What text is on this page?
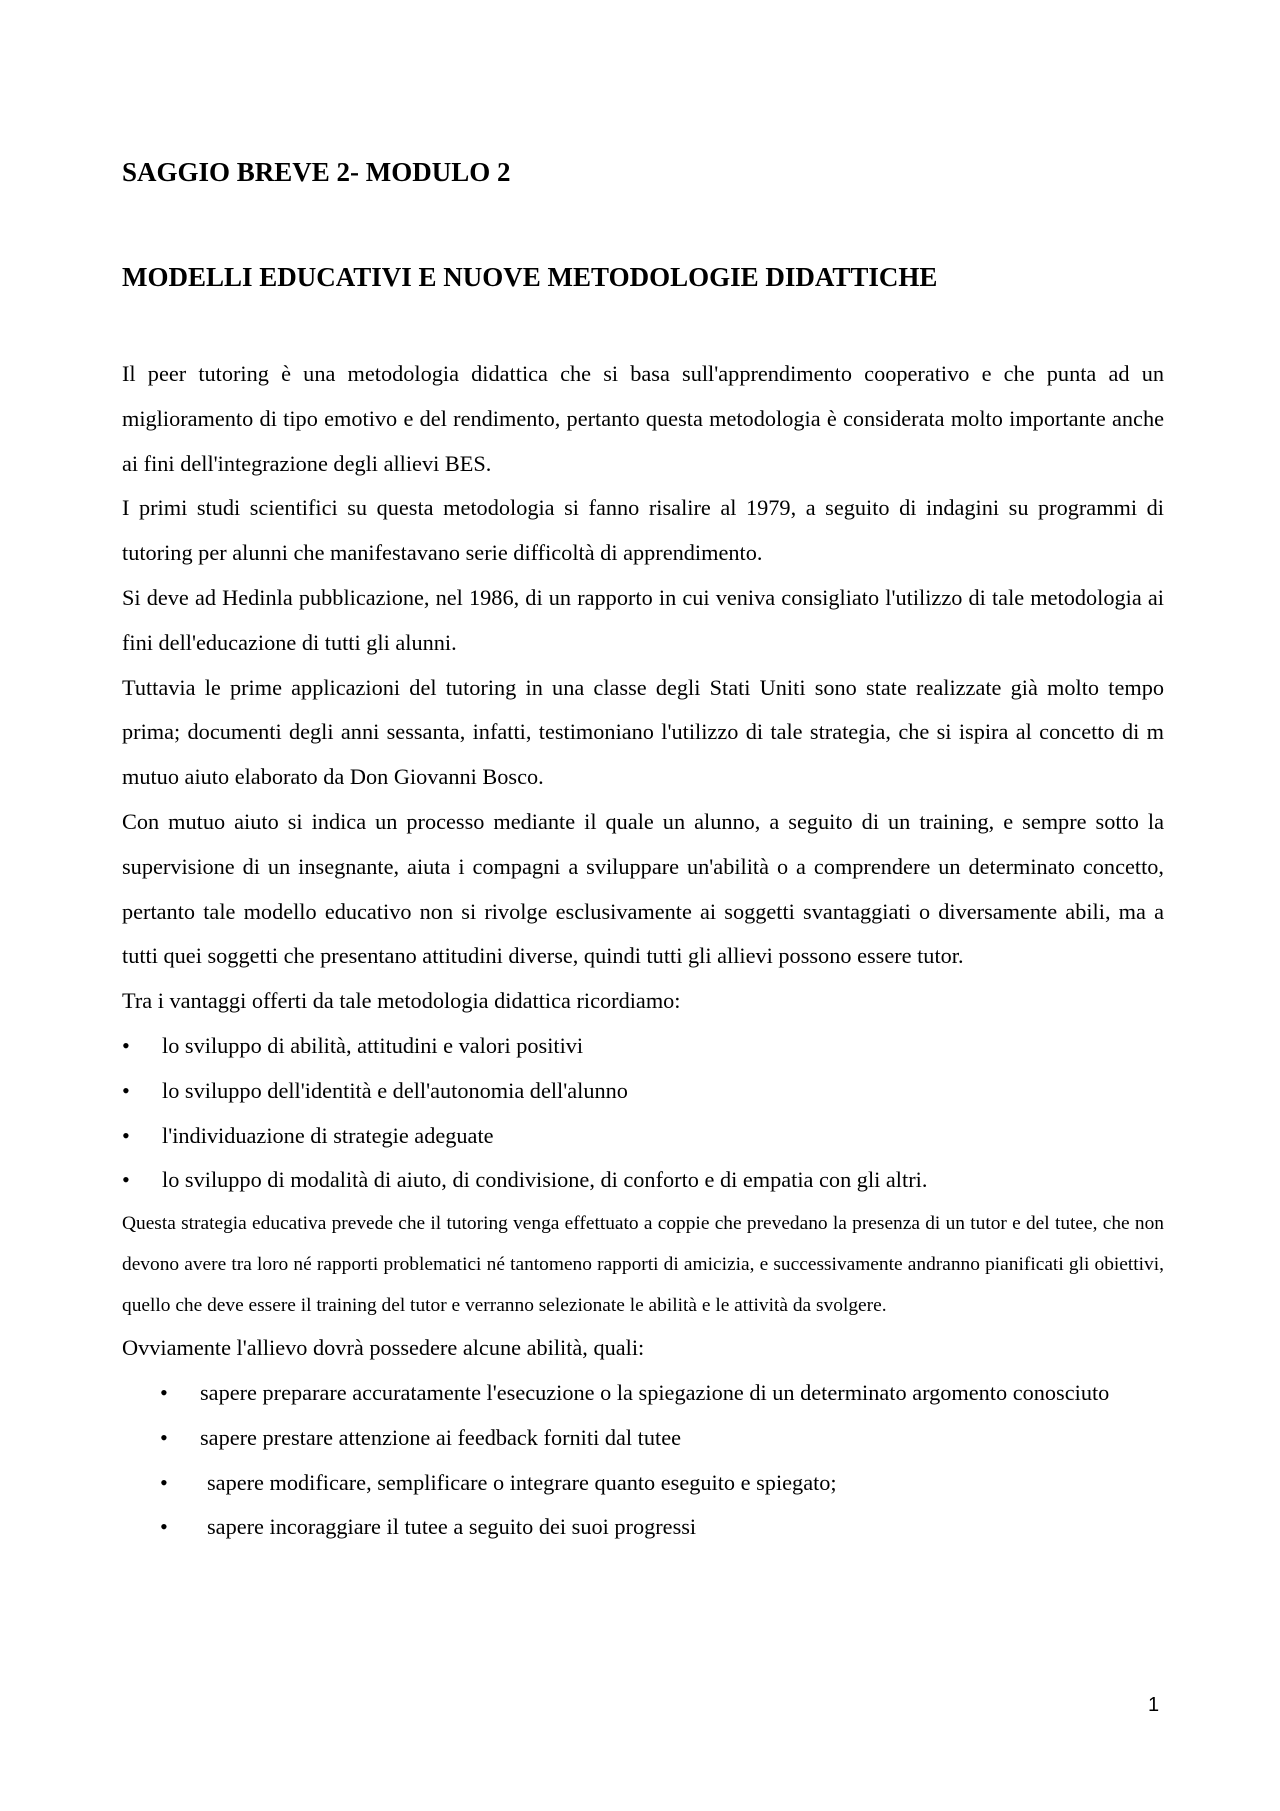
SAGGIO BREVE 2- MODULO 2
MODELLI EDUCATIVI E NUOVE METODOLOGIE DIDATTICHE

Il peer tutoring è una metodologia didattica che si basa sull'apprendimento cooperativo e che punta ad un miglioramento di tipo emotivo e del rendimento, pertanto questa metodologia è considerata molto importante anche ai fini dell'integrazione degli allievi BES.

I primi studi scientifici su questa metodologia si fanno risalire al 1979, a seguito di indagini su programmi di tutoring per alunni che manifestavano serie difficoltà di apprendimento.

Si deve ad Hedinla pubblicazione, nel 1986, di un rapporto in cui veniva consigliato l'utilizzo di tale metodologia ai fini dell'educazione di tutti gli alunni.

Tuttavia le prime applicazioni del tutoring in una classe degli Stati Uniti sono state realizzate già molto tempo prima; documenti degli anni sessanta, infatti, testimoniano l'utilizzo di tale strategia, che si ispira al concetto di m mutuo aiuto elaborato da Don Giovanni Bosco.

Con mutuo aiuto si indica un processo mediante il quale un alunno, a seguito di un training, e sempre sotto la supervisione di un insegnante, aiuta i compagni a sviluppare un'abilità o a comprendere un determinato concetto, pertanto tale modello educativo non si rivolge esclusivamente ai soggetti svantaggiati o diversamente abili, ma a tutti quei soggetti che presentano attitudini diverse, quindi tutti gli allievi possono essere tutor.

Tra i vantaggi offerti da tale metodologia didattica ricordiamo:

• lo sviluppo di abilità, attitudini e valori positivi
• lo sviluppo dell'identità e dell'autonomia dell'alunno
• l'individuazione di strategie adeguate
• lo sviluppo di modalità di aiuto, di condivisione, di conforto e di empatia con gli altri.

Questa strategia educativa prevede che il tutoring venga effettuato a coppie che prevedano la presenza di un tutor e del tutee, che non devono avere tra loro né rapporti problematici né tantomeno rapporti di amicizia, e successivamente andranno pianificati gli obiettivi, quello che deve essere il training del tutor e verranno selezionate le abilità e le attività da svolgere.

Ovviamente l'allievo dovrà possedere alcune abilità, quali:

• sapere preparare accuratamente l'esecuzione o la spiegazione di un determinato argomento conosciuto
• sapere prestare attenzione ai feedback forniti dal tutee
• sapere modificare, semplificare o integrare quanto eseguito e spiegato;
• sapere incoraggiare il tutee a seguito dei suoi progressi
1
